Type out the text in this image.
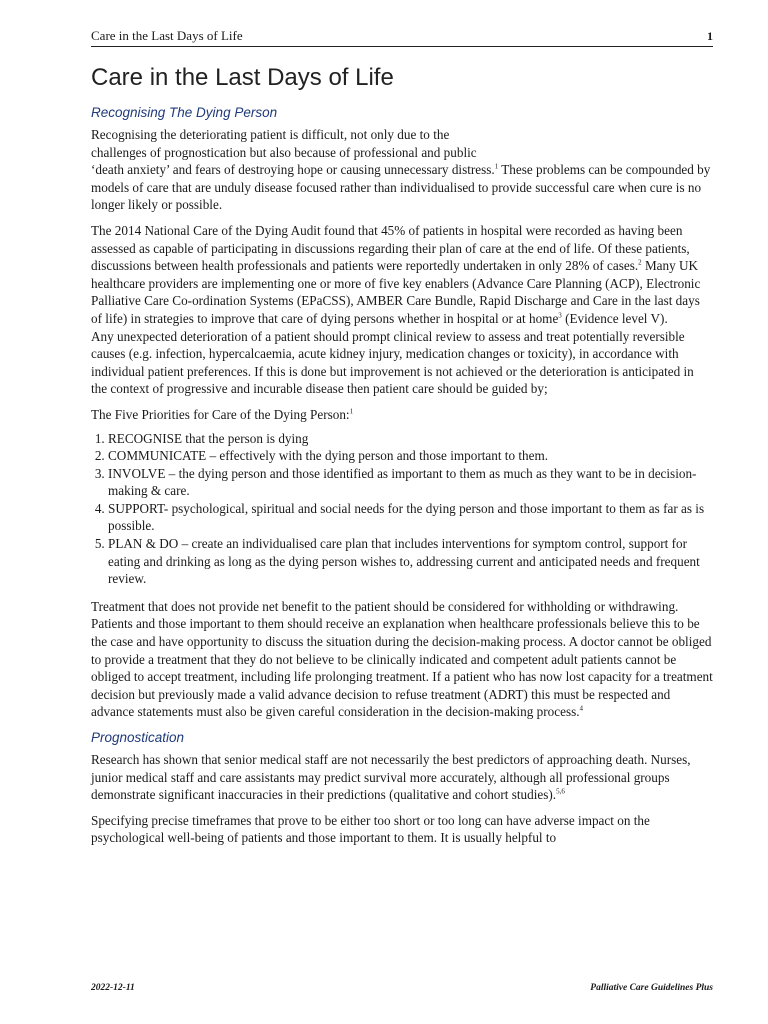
Care in the Last Days of Life	1
Care in the Last Days of Life
Recognising The Dying Person

Recognising the deteriorating patient is difficult, not only due to the
challenges of prognostication but also because of professional and public
‘death anxiety’ and fears of destroying hope or causing unnecessary distress.$^1$ These problems can be compounded by models of care that are unduly disease focused rather than individualised to provide successful care when cure is no longer likely or possible.

The 2014 National Care of the Dying Audit found that 45% of patients in hospital were recorded as having been assessed as capable of participating in discussions regarding their plan of care at the end of life. Of these patients, discussions between health professionals and patients were reportedly undertaken in only 28% of cases.$^2$ Many UK healthcare providers are implementing one or more of five key enablers (Advance Care Planning (ACP), Electronic Palliative Care Co-ordination Systems (EPaCSS), AMBER Care Bundle, Rapid Discharge and Care in the last days of life) in strategies to improve that care of dying persons whether in hospital or at home$^3$ (Evidence level V).

Any unexpected deterioration of a patient should prompt clinical review to assess and treat potentially reversible causes (e.g. infection, hypercalcaemia, acute kidney injury, medication changes or toxicity), in accordance with individual patient preferences. If this is done but improvement is not achieved or the deterioration is anticipated in the context of progressive and incurable disease then patient care should be guided by;

The Five Priorities for Care of the Dying Person:$^1$

1. RECOGNISE that the person is dying
2. COMMUNICATE – effectively with the dying person and those important to them.
3. INVOLVE – the dying person and those identified as important to them as much as they want to be in decision-making & care.
4. SUPPORT- psychological, spiritual and social needs for the dying person and those important to them as far as is possible.
5. PLAN & DO – create an individualised care plan that includes interventions for symptom control, support for eating and drinking as long as the dying person wishes to, addressing current and anticipated needs and frequent review.

Treatment that does not provide net benefit to the patient should be considered for withholding or withdrawing. Patients and those important to them should receive an explanation when healthcare professionals believe this to be the case and have opportunity to discuss the situation during the decision-making process. A doctor cannot be obliged to provide a treatment that they do not believe to be clinically indicated and competent adult patients cannot be obliged to accept treatment, including life prolonging treatment. If a patient who has now lost capacity for a treatment decision but previously made a valid advance decision to refuse treatment (ADRT) this must be respected and advance statements must also be given careful consideration in the decision-making process.$^4$

Prognostication

Research has shown that senior medical staff are not necessarily the best predictors of approaching death. Nurses, junior medical staff and care assistants may predict survival more accurately, although all professional groups demonstrate significant inaccuracies in their predictions (qualitative and cohort studies).$^{5,6}$

Specifying precise timeframes that prove to be either too short or too long can have adverse impact on the psychological well-being of patients and those important to them. It is usually helpful to

2022-12-11	Palliative Care Guidelines Plus
